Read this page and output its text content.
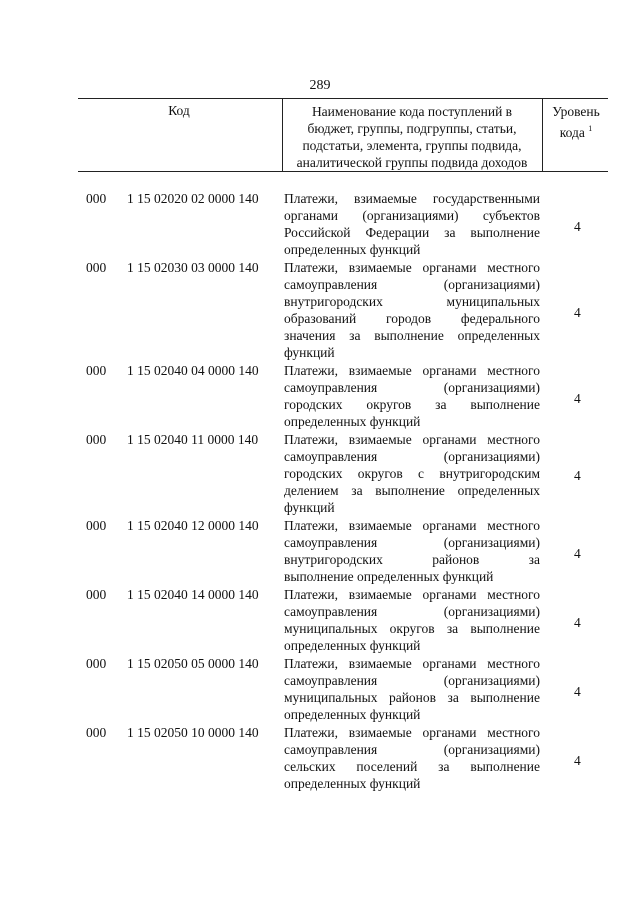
289
Код	Наименование кода поступлений в
бюджет, группы, подгруппы, статьи,
подстатьи, элемента, группы подвида,
аналитической группы подвида доходов
Уровень
кода $^1$
000 1 15 02020 02 0000 140 Платежи, взимаемые государственными
органами (организациями) субъектов
Российской Федерации за выполнение
определенных функций
4
000 1 15 02030 03 0000 140 Платежи, взимаемые органами местного
самоуправления (организациями)
внутригородских муниципальных
образований городов федерального
значения за выполнение определенных
функций
4
000 1 15 02040 04 0000 140 Платежи, взимаемые органами местного
самоуправления (организациями)
городских округов за выполнение
определенных функций
4
000 1 15 02040 11 0000 140 Платежи, взимаемые органами местного
самоуправления (организациями)
городских округов с внутригородским
делением за выполнение определенных
функций
4
000 1 15 02040 12 0000 140 Платежи, взимаемые органами местного
самоуправления (организациями)
внутригородских районов за
выполнение определенных функций
4
000 1 15 02040 14 0000 140 Платежи, взимаемые органами местного
самоуправления (организациями)
муниципальных округов за выполнение
определенных функций
4
000 1 15 02050 05 0000 140 Платежи, взимаемые органами местного
самоуправления (организациями)
муниципальных районов за выполнение
определенных функций
4
000 1 15 02050 10 0000 140 Платежи, взимаемые органами местного
самоуправления (организациями)
сельских поселений за выполнение
определенных функций
4
